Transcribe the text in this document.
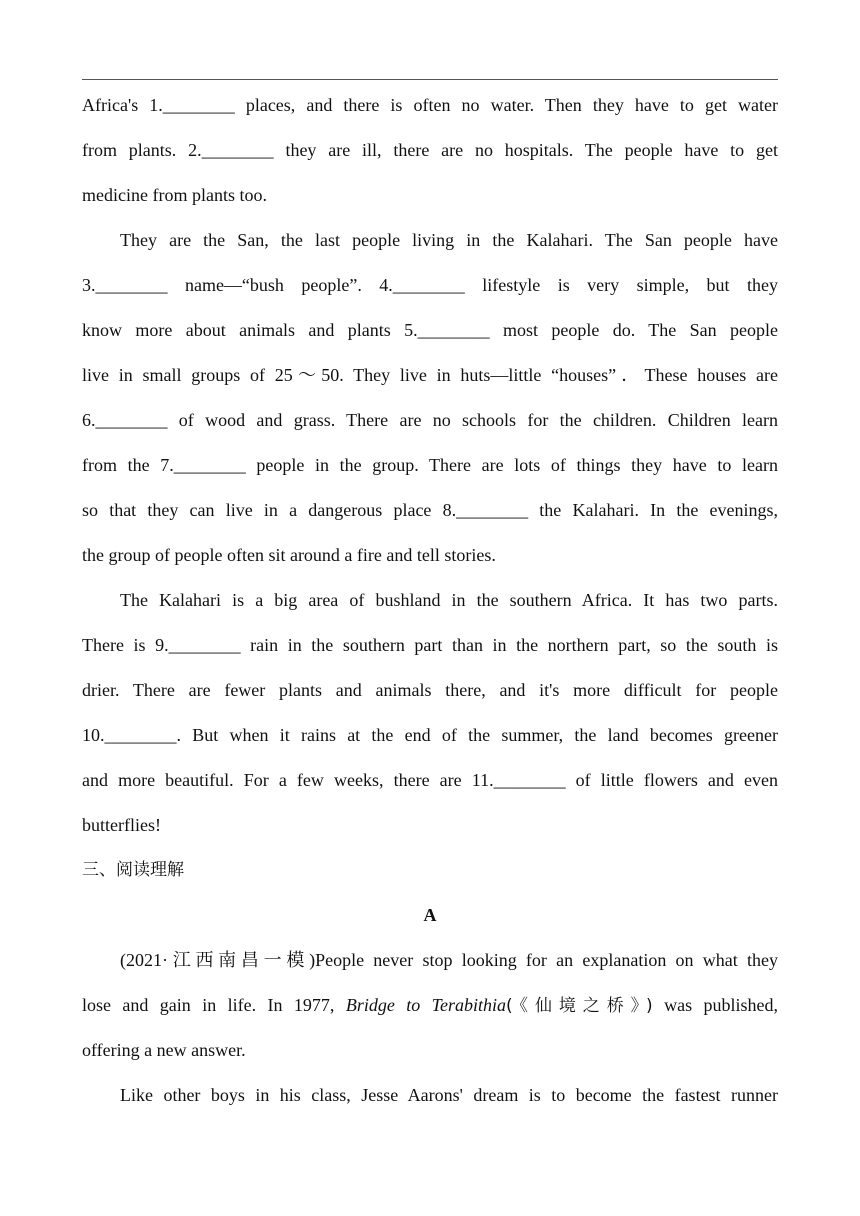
Africa's 1.________ places, and there is often no water. Then they have to get water
from plants. 2.________ they are ill, there are no hospitals. The people have to get
medicine from plants too.
They are the San, the last people living in the Kalahari. The San people have
3.________ name—“bush people”. 4.________ lifestyle is very simple, but they
know more about animals and plants 5.________ most people do. The San people
live in small groups of 25～50. They live in huts—little “houses”．These houses are
6.________ of wood and grass. There are no schools for the children. Children learn
from the 7.________ people in the group. There are lots of things they have to learn
so that they can live in a dangerous place 8.________ the Kalahari. In the evenings,
the group of people often sit around a fire and tell stories.
The Kalahari is a big area of bushland in the southern Africa. It has two parts.
There is 9.________ rain in the southern part than in the northern part, so the south is
drier. There are fewer plants and animals there, and it's more difficult for people
10.________. But when it rains at the end of the summer, the land becomes greener
and more beautiful. For a few weeks, there are 11.________ of little flowers and even
butterflies!
三、阅读理解
A
(2021·江西南昌一模)People never stop looking for an explanation on what they
lose and gain in life. In 1977, Bridge to Terabithia(《仙境之桥》) was published,
offering a new answer.
Like other boys in his class, Jesse Aarons' dream is to become the fastest runner
